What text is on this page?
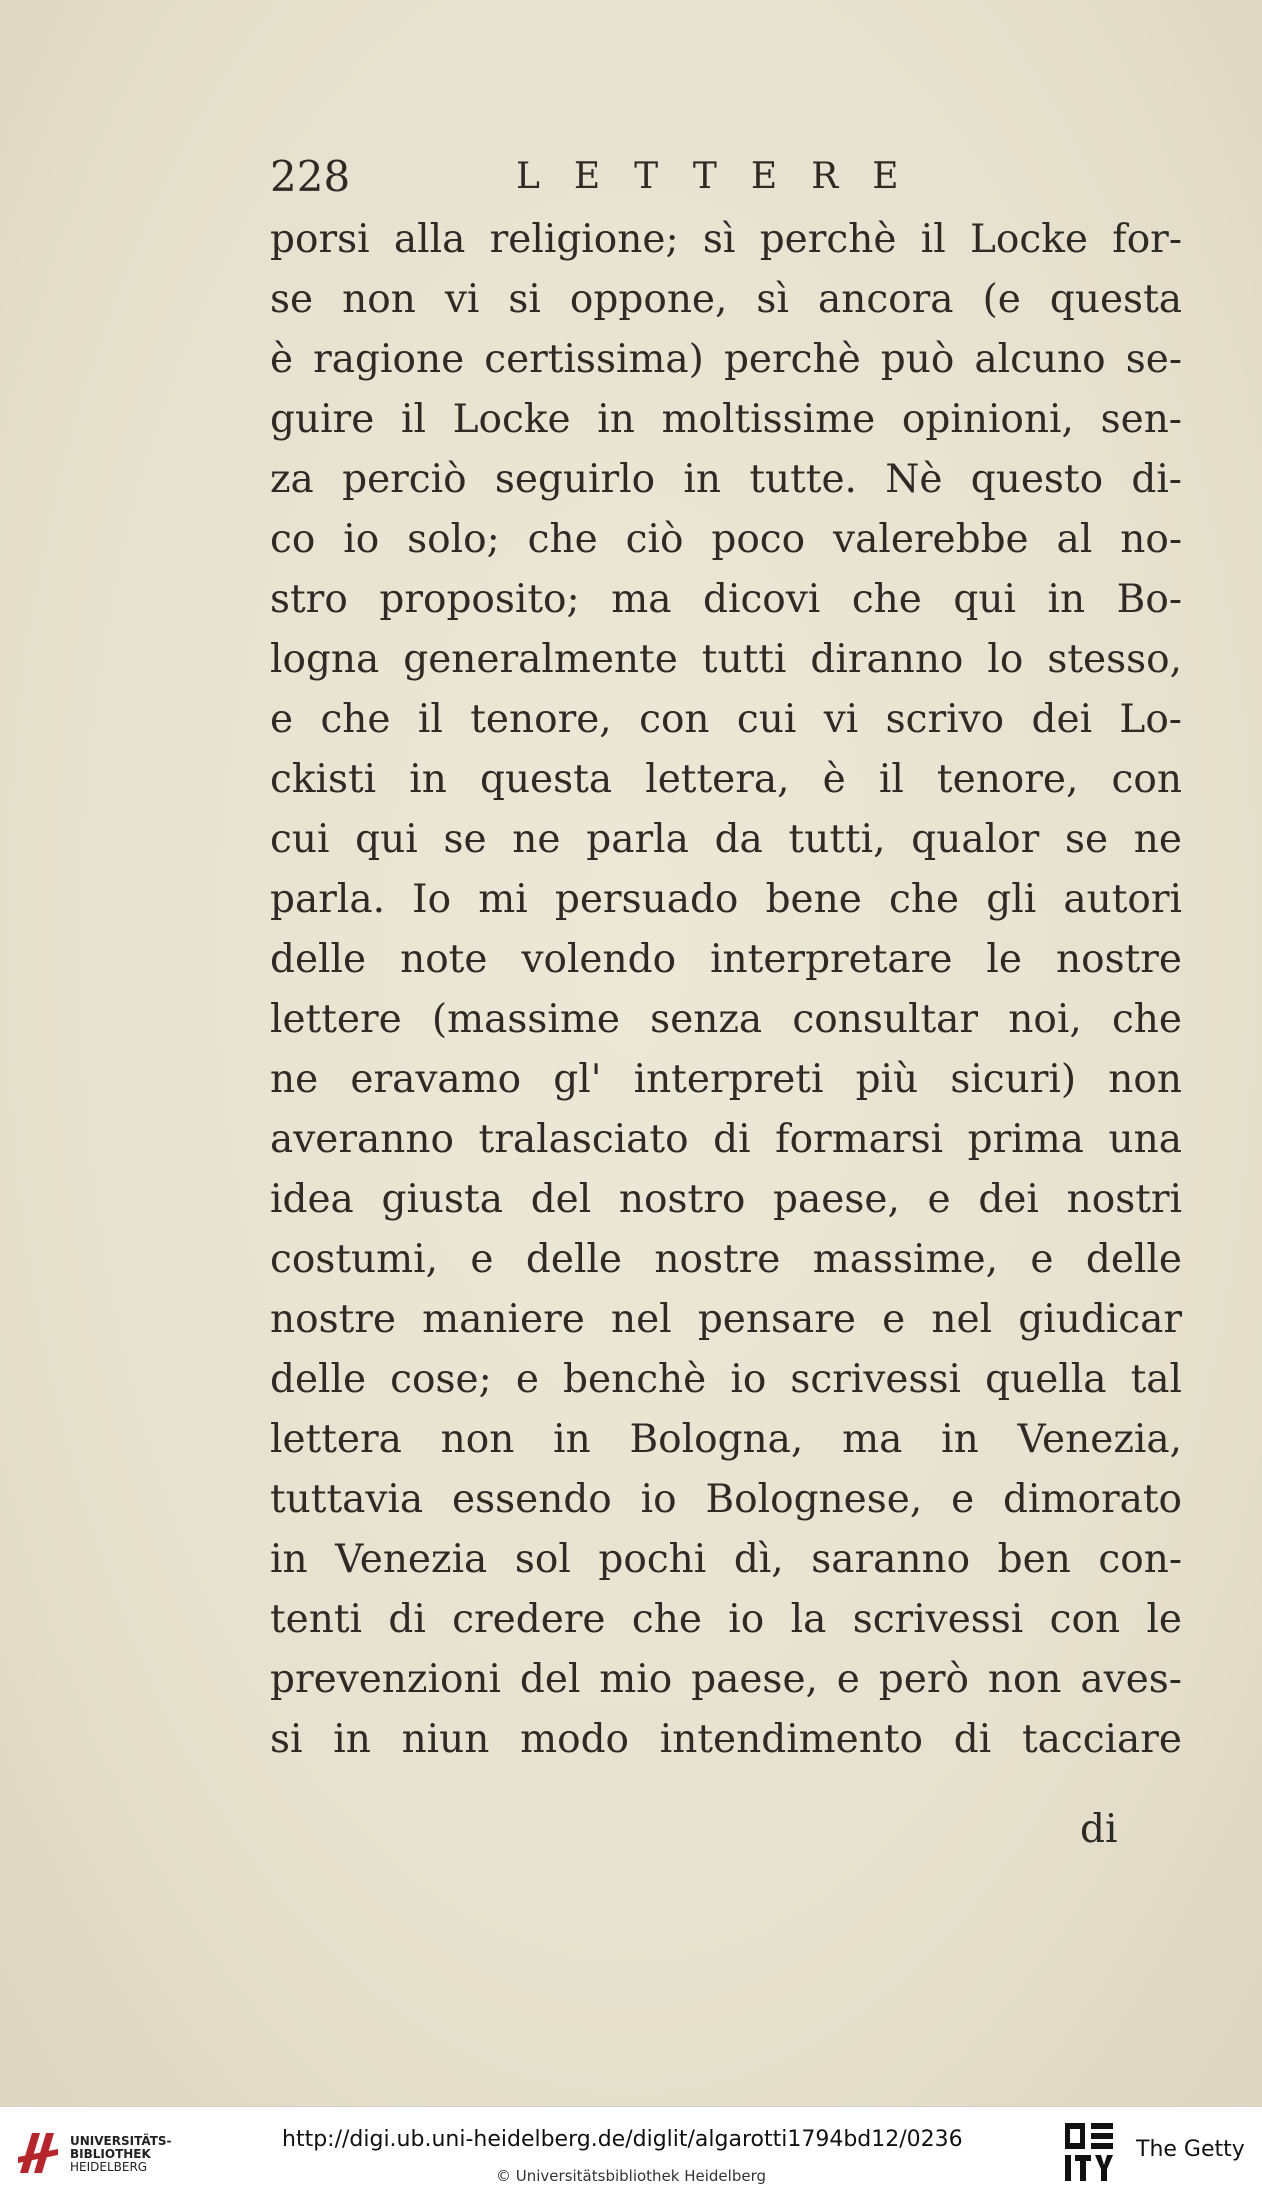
228	LETTERE
porsi alla religione; sì perchè il Locke for-
se non vi si oppone, sì ancora (e questa
è ragione certissima) perchè può alcuno se-
guire il Locke in moltissime opinioni, sen-
za perciò seguirlo in tutte. Nè questo di-
co io solo; che ciò poco valerebbe al no-
stro proposito; ma dicovi che qui in Bo-
logna generalmente tutti diranno lo stesso,
e che il tenore, con cui vi scrivo dei Lo-
ckisti in questa lettera, è il tenore, con
cui qui se ne parla da tutti, qualor se ne
parla. Io mi persuado bene che gli autori
delle note volendo interpretare le nostre
lettere (massime senza consultar noi, che
ne eravamo gl' interpreti più sicuri) non
averanno tralasciato di formarsi prima una
idea giusta del nostro paese, e dei nostri
costumi, e delle nostre massime, e delle
nostre maniere nel pensare e nel giudicar
delle cose; e benchè io scrivessi quella tal
lettera non in Bologna, ma in Venezia,
tuttavia essendo io Bolognese, e dimorato
in Venezia sol pochi dì, saranno ben con-
tenti di credere che io la scrivessi con le
prevenzioni del mio paese, e però non aves-
si in niun modo intendimento di tacciare
di
UNIVERSITÄTS-
BIBLIOTHEK
HEIDELBERG
http://digi.ub.uni-heidelberg.de/diglit/algarotti1794bd12/0236
© Universitätsbibliothek Heidelberg
The Getty
